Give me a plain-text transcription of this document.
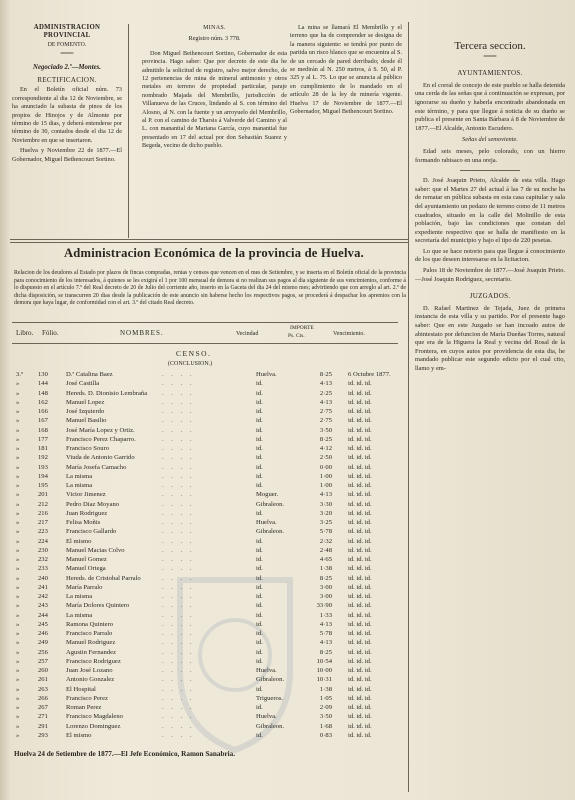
ADMINISTRACION PROVINCIAL
DE FOMENTO.
═══
Negociado 2.º—Montes.
RECTIFICACION.
En el Boletín oficial núm. 73 correspondiente al dia 12 de Noviembre, se ha anunciado la subasta de pinos de los propios de Hinojos y de Almonte por término de 15 dias, y deberá entenderse por término de 30, contados desde el dia 12 de Noviembre en que se insertaron.
Huelva y Noviembre 22 de 1877.—El Gobernador, Miguel Bethencourt Sortino.
MINAS.
Registro núm. 3 778.
Don Miguel Bethencourt Sortino, Gobernador de esta provincia. Hago saber: Que por decreto de este dia he admitido la solicitud de registro, salvo mejor derecho, de 12 pertenencias de mina de mineral antimonio y otros metales en terreno de propiedad particular, paraje nombrado Majada del Membrillo, jurisdicción de Villanueva de las Cruces, lindando al S. con término del Alosno, al N. con la fuente y un arroyuelo del Membrillo, al P. con el camino de Tharsis á Valverde del Camino y al L. con manantial de Mariana García, cuyo manantial fue presentado en 17 del actual por don Sebastián Suarez y Begeda, vecino de dicho pueblo.
La mina se llamará El Membrillo y el terreno que ha de comprender se designa de la manera siguiente: se tendrá por punto de partida un risco blanco que se encuentra al S. de un cercado de pared derribado; desde él se medirán al N. 250 metros, á S. 50, al P. 325 y al L. 75. Lo que se anuncia al público en cumplimiento de lo mandado en el artículo 28 de la ley de minería vigente. Huelva 17 de Noviembre de 1877.—El Gobernador, Miguel Bethencourt Sortino.
Administracion Económica de la provincia de Huelva.
Relacion de los deudores al Estado por plazos de fincas compradas, rentas y censos que vencen en el mes de Setiembre, y se inserta en el Boletín oficial de la provincia para conocimiento de los interesados, á quienes se les exigirá el 1 por 100 mensual de demora si no realizan sus pagos al dia siguiente de sus vencimientos, conforme á lo dispuesto en el artículo 7.º del Real decreto de 20 de Julio del corriente año, inserto en la Gaceta del dia 24 del mismo mes; advirtiendo que con arreglo al art. 2.º de dicha disposición, se transcurren 20 dias desde la publicación de este anuncio sin haberse hecho los respectivos pagos, se procederá á despachar los apremios con la demora que haya lugar, de conformidad con el art. 3.º del citado Real decreto.
Libro. Fólio.	NOMBRES.	Vecindad
IMPORTE
Ps. Cts.	Vencimiento.
CENSO.
(CONCLUSION.)
3.º 130	D.ª Catalina Baez	. . . .	Huelva.	8·25 6 Octubre 1877.
»	144	José Castilla	. . . .	id.	4·13 id. id. id.
»	148	Hereds. D. Dionisio Lembraña	. . . .	id.	2·25 id. id. id.
»	162	Manuel Lopez	. . . .	id.	4·13 id. id. id.
»	166	José Izquierdo	. . . .	id.	2·75 id. id. id.
»	167	Manuel Basilio	. . . .	id.	2·75 id. id. id.
»	168	José María Lopez y Ortiz.	. . . .	id.	3·50 id. id. id.
»	177	Francisco Perez Chaparro.	. . . .	id.	8·25 id. id. id.
»	181	Francisco Souro	. . . .	id.	4·12 id. id. id.
»	192	Viuda de Antonio Garrido	. . . .	id.	2·50 id. id. id.
»	193	María Josefa Camacho	. . . .	id.	0·00 id. id. id.
»	194	La misma	. . . .	id.	1·00 id. id. id.
»	195	La misma	. . . .	id.	1·00 id. id. id.
»	201	Victor Jimenez	. . . .	Moguer.	4·13 id. id. id.
»	212	Pedro Diaz Moyano	. . . .	Gibraleon.	3·30 id. id. id.
»	216	Juan Rodriguez	. . . .	id.	3·20 id. id. id.
»	217	Felisa Moñis	. . . .	Huelva.	3·25 id. id. id.
»	223	Francisco Gallardo	. . . .	Gibraleon.	5·78 id. id. id.
»	224	El mismo	. . . .	id.	2·32 id. id. id.
»	230	Manuel Macias Colvo	. . . .	id.	2·48 id. id. id.
»	232	Manuel Gomez	. . . .	id.	4·65 id. id. id.
»	233	Manuel Ortega	. . . .	id.	1·38 id. id. id.
»	240	Hereds. de Cristobal Parralo	. . . .	id.	8·25 id. id. id.
»	241	María Parralo	. . . .	id.	3·00 id. id. id.
»	242	La misma	. . . .	id.	3·00 id. id. id.
»	243	María Dolores Quintero	. . . .	id.	33·90 id. id. id.
»	244	La misma	. . . .	id.	1·33 id. id. id.
»	245	Ramona Quintero	. . . .	id.	4·13 id. id. id.
»	246	Francisco Parralo	. . . .	id.	5·78 id. id. id.
»	249	Manuel Rodriguez	. . . .	id.	4·13 id. id. id.
»	256	Agustin Fernandez	. . . .	id.	8·25 id. id. id.
»	257	Francisco Rodriguez	. . . .	id.	10·54 id. id. id.
»	260	Juan José Lozano	. . . .	Huelva.	10·00 id. id. id.
»	261	Antonio Gonzalez	. . . .	Gibraleon.	10·31 id. id. id.
»	263	El Hospital	. . . .	id.	1·38 id. id. id.
»	266	Francisco Perez	. . . .	Trigueros.	1·05 id. id. id.
»	267	Roman Perez	. . . .	id.	2·09 id. id. id.
»	271	Francisco Magdaleno	. . . .	Huelva.	3·50 id. id. id.
»	291	Lorenzo Dominguez	. . . .	Gibraleon.	1·68 id. id. id.
»	293	El mismo	. . . .	id.	0·83 id. id. id.
Huelva 24 de Setiembre de 1877.—El Jefe Económico, Ramon Sanabria.
Tercera seccion.
═══
AYUNTAMIENTOS.

En el corral de concejo de este pueblo se halla detenida una cerda de las señas que á continuación se expresan, por ignorarse su dueño y haberla encontrado abandonada en este término, y para que llegue á noticia de su dueño se publica el presente en Santa Bárbara á 8 de Noviembre de 1877.—El Alcalde, Antonio Escudero.

Señas del semoviente.

Edad seis meses, pelo colorado, con un hierro formando rabisaco en una oreja.

D. José Joaquin Prieto, Alcalde de esta villa. Hago saber: que el Martes 27 del actual á las 7 de su noche ha de rematar en pública subasta en esta casa capitular y sala del ayuntamiento un pedazo de terreno como de 11 metros cuadrados, situado en la calle del Molinillo de esta población, bajo las condiciones que constan del expediente respectivo que se halla de manifiesto en la secretaría del municipio y bajo el tipo de 220 pesetas.

Lo que se hace notorio para que llegue á conocimiento de los que deseen interesarse en la licitacion.

Palos 18 de Noviembre de 1877.—José Joaquin Prieto.—José Joaquin Rodriguez, secretario.

JUZGADOS.

D. Rafael Martinez de Tejada, Juez de primera instancia de esta villa y su partido. Por el presente hago saber: Que en este Juzgado se han incoado autos de abintestato por defuncion de María Dueñas Torres, natural que era de la Higuera la Real y vecina del Rosal de la Frontera, en cuyos autos por providencia de esta dia, he mandado publicar este segundo edicto por el cual cito, llamo y em-
